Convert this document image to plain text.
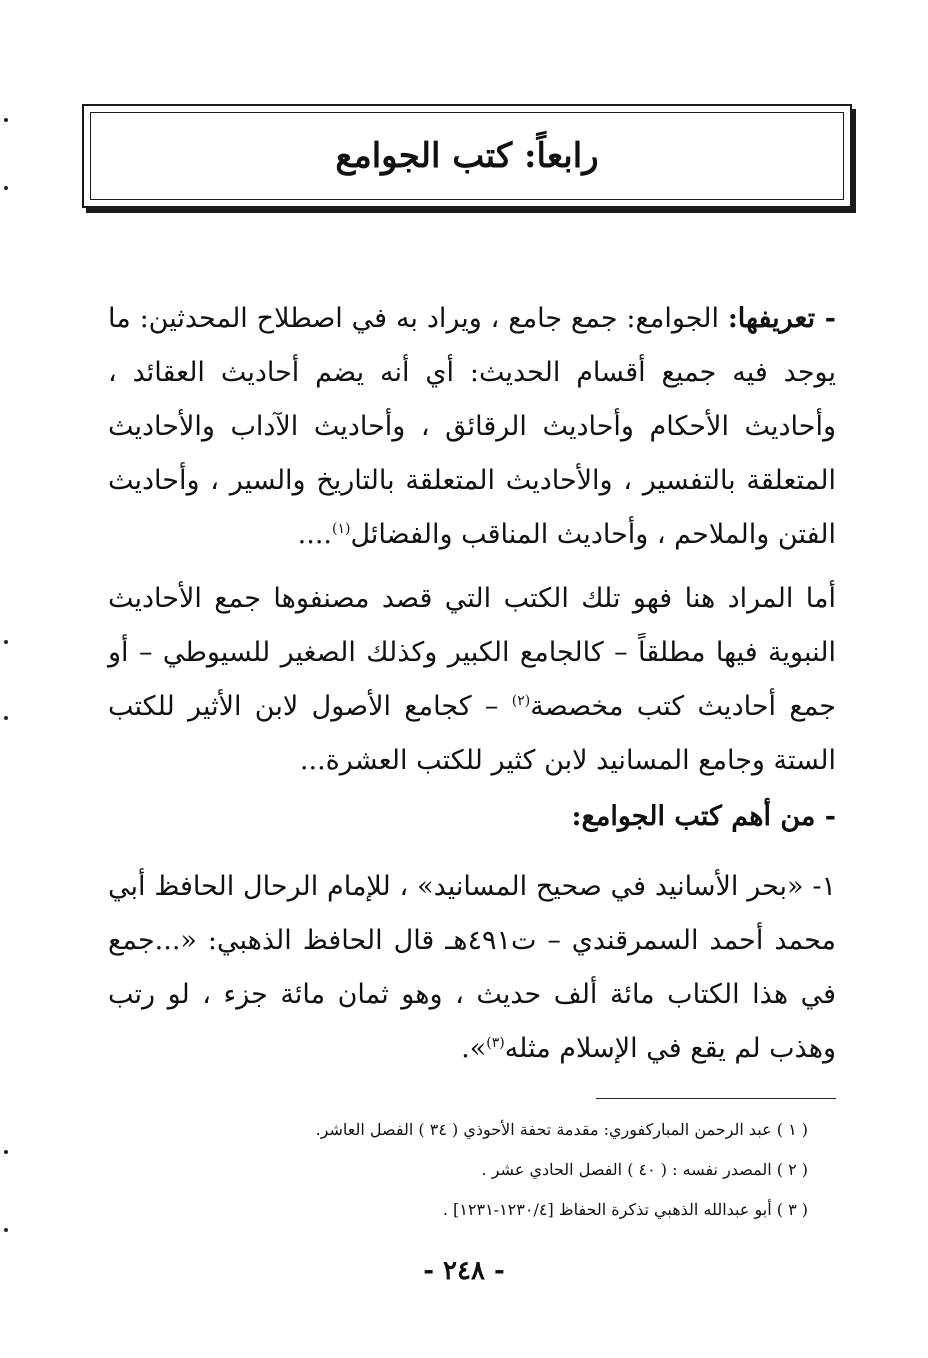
رابعاً: كتب الجوامع

- تعريفها: الجوامع: جمع جامع ، ويراد به في اصطلاح المحدثين: ما يوجد فيه جميع أقسام الحديث: أي أنه يضم أحاديث العقائد ، وأحاديث الأحكام وأحاديث الرقائق ، وأحاديث الآداب والأحاديث المتعلقة بالتفسير ، والأحاديث المتعلقة بالتاريخ والسير ، وأحاديث الفتن والملاحم ، وأحاديث المناقب والفضائل$^{(١)}$....

أما المراد هنا فهو تلك الكتب التي قصد مصنفوها جمع الأحاديث النبوية فيها مطلقاً – كالجامع الكبير وكذلك الصغير للسيوطي – أو جمع أحاديث كتب مخصصة$^{(٢)}$ – كجامع الأصول لابن الأثير للكتب الستة وجامع المسانيد لابن كثير للكتب العشرة...

- من أهم كتب الجوامع:

١- «بحر الأسانيد في صحيح المسانيد» ، للإمام الرحال الحافظ أبي محمد أحمد السمرقندي – ت٤٩١هـ قال الحافظ الذهبي: «...جمع في هذا الكتاب مائة ألف حديث ، وهو ثمان مائة جزء ، لو رتب وهذب لم يقع في الإسلام مثله$^{(٣)}$».

( ١ ) عبد الرحمن المباركفوري: مقدمة تحفة الأحوذي ( ٣٤ ) الفصل العاشر.
( ٢ ) المصدر نفسه : ( ٤٠ ) الفصل الحادي عشر .
( ٣ ) أبو عبدالله الذهبي تذكرة الحفاظ [١٢٣٠/٤-١٢٣١] .
- ٢٤٨ -
